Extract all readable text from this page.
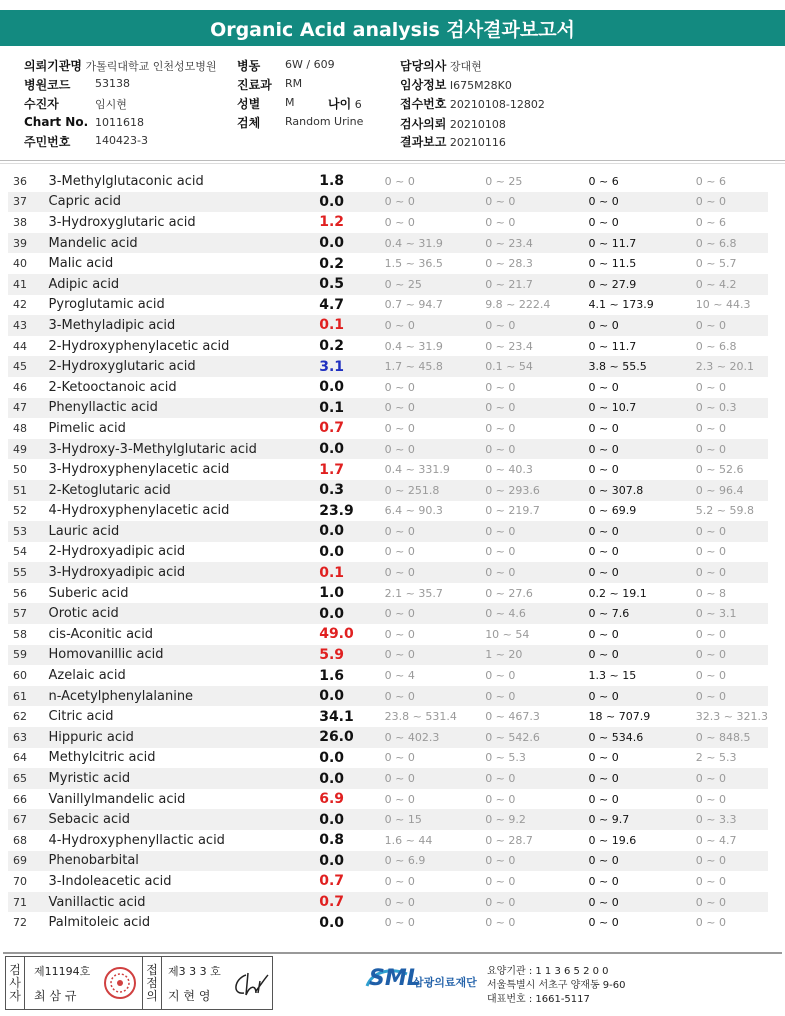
Organic Acid analysis 검사결과보고서
의뢰기관명 가톨릭대학교 인천성모병원 병동 6W / 609
병원코드 53138	진료과 RM
수진자	임시현	성별 M	나이 6
Chart No. 1011618	검체 Random Urine
주민번호 140423-3
담당의사 장대현
임상정보 I675M28K0
접수번호 20210108-12802
검사의뢰 20210108
결과보고 20210116
36	3-Methylglutaconic acid	1.8	0 ~ 0	0 ~ 25	0 ~ 6	0 ~ 6
37	Capric acid	0.0	0 ~ 0	0 ~ 0	0 ~ 0	0 ~ 0
38	3-Hydroxyglutaric acid	1.2	0 ~ 0	0 ~ 0	0 ~ 0	0 ~ 6
39	Mandelic acid	0.0	0.4 ~ 31.9	0 ~ 23.4	0 ~ 11.7	0 ~ 6.8
40	Malic acid	0.2	1.5 ~ 36.5	0 ~ 28.3	0 ~ 11.5	0 ~ 5.7
41	Adipic acid	0.5	0 ~ 25	0 ~ 21.7	0 ~ 27.9	0 ~ 4.2
42	Pyroglutamic acid	4.7	0.7 ~ 94.7	9.8 ~ 222.4	4.1 ~ 173.9	10 ~ 44.3
43	3-Methyladipic acid	0.1	0 ~ 0	0 ~ 0	0 ~ 0	0 ~ 0
44	2-Hydroxyphenylacetic acid	0.2	0.4 ~ 31.9	0 ~ 23.4	0 ~ 11.7	0 ~ 6.8
45	2-Hydroxyglutaric acid	3.1	1.7 ~ 45.8	0.1 ~ 54	3.8 ~ 55.5	2.3 ~ 20.1
46	2-Ketooctanoic acid	0.0	0 ~ 0	0 ~ 0	0 ~ 0	0 ~ 0
47	Phenyllactic acid	0.1	0 ~ 0	0 ~ 0	0 ~ 10.7	0 ~ 0.3
48	Pimelic acid	0.7	0 ~ 0	0 ~ 0	0 ~ 0	0 ~ 0
49	3-Hydroxy-3-Methylglutaric acid	0.0	0 ~ 0	0 ~ 0	0 ~ 0	0 ~ 0
50	3-Hydroxyphenylacetic acid	1.7	0.4 ~ 331.9	0 ~ 40.3	0 ~ 0	0 ~ 52.6
51	2-Ketoglutaric acid	0.3	0 ~ 251.8	0 ~ 293.6	0 ~ 307.8	0 ~ 96.4
52	4-Hydroxyphenylacetic acid	23.9	6.4 ~ 90.3	0 ~ 219.7	0 ~ 69.9	5.2 ~ 59.8
53	Lauric acid	0.0	0 ~ 0	0 ~ 0	0 ~ 0	0 ~ 0
54	2-Hydroxyadipic acid	0.0	0 ~ 0	0 ~ 0	0 ~ 0	0 ~ 0
55	3-Hydroxyadipic acid	0.1	0 ~ 0	0 ~ 0	0 ~ 0	0 ~ 0
56	Suberic acid	1.0	2.1 ~ 35.7	0 ~ 27.6	0.2 ~ 19.1	0 ~ 8
57	Orotic acid	0.0	0 ~ 0	0 ~ 4.6	0 ~ 7.6	0 ~ 3.1
58	cis-Aconitic acid	49.0	0 ~ 0	10 ~ 54	0 ~ 0	0 ~ 0
59	Homovanillic acid	5.9	0 ~ 0	1 ~ 20	0 ~ 0	0 ~ 0
60	Azelaic acid	1.6	0 ~ 4	0 ~ 0	1.3 ~ 15	0 ~ 0
61	n-Acetylphenylalanine	0.0	0 ~ 0	0 ~ 0	0 ~ 0	0 ~ 0
62	Citric acid	34.1	23.8 ~ 531.4	0 ~ 467.3	18 ~ 707.9	32.3 ~ 321.3
63	Hippuric acid	26.0	0 ~ 402.3	0 ~ 542.6	0 ~ 534.6	0 ~ 848.5
64	Methylcitric acid	0.0	0 ~ 0	0 ~ 5.3	0 ~ 0	2 ~ 5.3
65	Myristic acid	0.0	0 ~ 0	0 ~ 0	0 ~ 0	0 ~ 0
66	Vanillylmandelic acid	6.9	0 ~ 0	0 ~ 0	0 ~ 0	0 ~ 0
67	Sebacic acid	0.0	0 ~ 15	0 ~ 9.2	0 ~ 9.7	0 ~ 3.3
68	4-Hydroxyphenyllactic acid	0.8	1.6 ~ 44	0 ~ 28.7	0 ~ 19.6	0 ~ 4.7
69	Phenobarbital	0.0	0 ~ 6.9	0 ~ 0	0 ~ 0	0 ~ 0
70	3-Indoleacetic acid	0.7	0 ~ 0	0 ~ 0	0 ~ 0	0 ~ 0
71	Vanillactic acid	0.7	0 ~ 0	0 ~ 0	0 ~ 0	0 ~ 0
72	Palmitoleic acid	0.0	0 ~ 0	0 ~ 0	0 ~ 0	0 ~ 0
검
사
자
제11194호
최 삼 규
접
점
의
제3 3 3 호
지 현 영
SML
삼광의료재단
요양기관 : 1 1 3 6 5 2 0 0
서울특별시 서초구 양재동 9-60
대표번호 : 1661-5117
